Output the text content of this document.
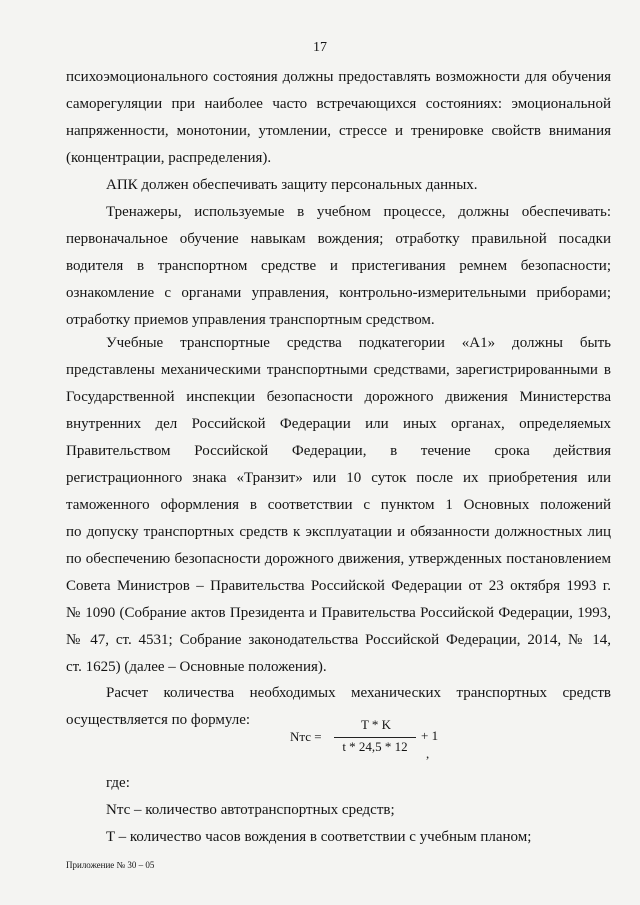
17
психоэмоционального состояния должны предоставлять возможности для обучения
саморегуляции при наиболее часто встречающихся состояниях: эмоциональной
напряженности, монотонии, утомлении, стрессе и тренировке свойств внимания
(концентрации, распределения).
АПК должен обеспечивать защиту персональных данных.
Тренажеры, используемые в учебном процессе, должны обеспечивать:
первоначальное обучение навыкам вождения; отработку правильной посадки
водителя в транспортном средстве и пристегивания ремнем безопасности;
ознакомление с органами управления, контрольно-измерительными приборами;
отработку приемов управления транспортным средством.
Учебные транспортные средства подкатегории «А1» должны быть
представлены механическими транспортными средствами, зарегистрированными в
Государственной инспекции безопасности дорожного движения Министерства
внутренних дел Российской Федерации или иных органах, определяемых
Правительством Российской Федерации, в течение срока действия
регистрационного знака «Транзит» или 10 суток после их приобретения или
таможенного оформления в соответствии с пунктом 1 Основных положений
по допуску транспортных средств к эксплуатации и обязанности должностных лиц
по обеспечению безопасности дорожного движения, утвержденных постановлением
Совета Министров – Правительства Российской Федерации от 23 октября 1993 г.
№ 1090 (Собрание актов Президента и Правительства Российской Федерации, 1993,
№ 47, ст. 4531; Собрание законодательства Российской Федерации, 2014, № 14,
ст. 1625) (далее – Основные положения).
Расчет количества необходимых механических транспортных средств
осуществляется по формуле:
где:
Nтс – количество автотранспортных средств;
T – количество часов вождения в соответствии с учебным планом;
Nтс =
T * K
t * 24,5 * 12
+ 1
,
Приложение № 30 – 05
